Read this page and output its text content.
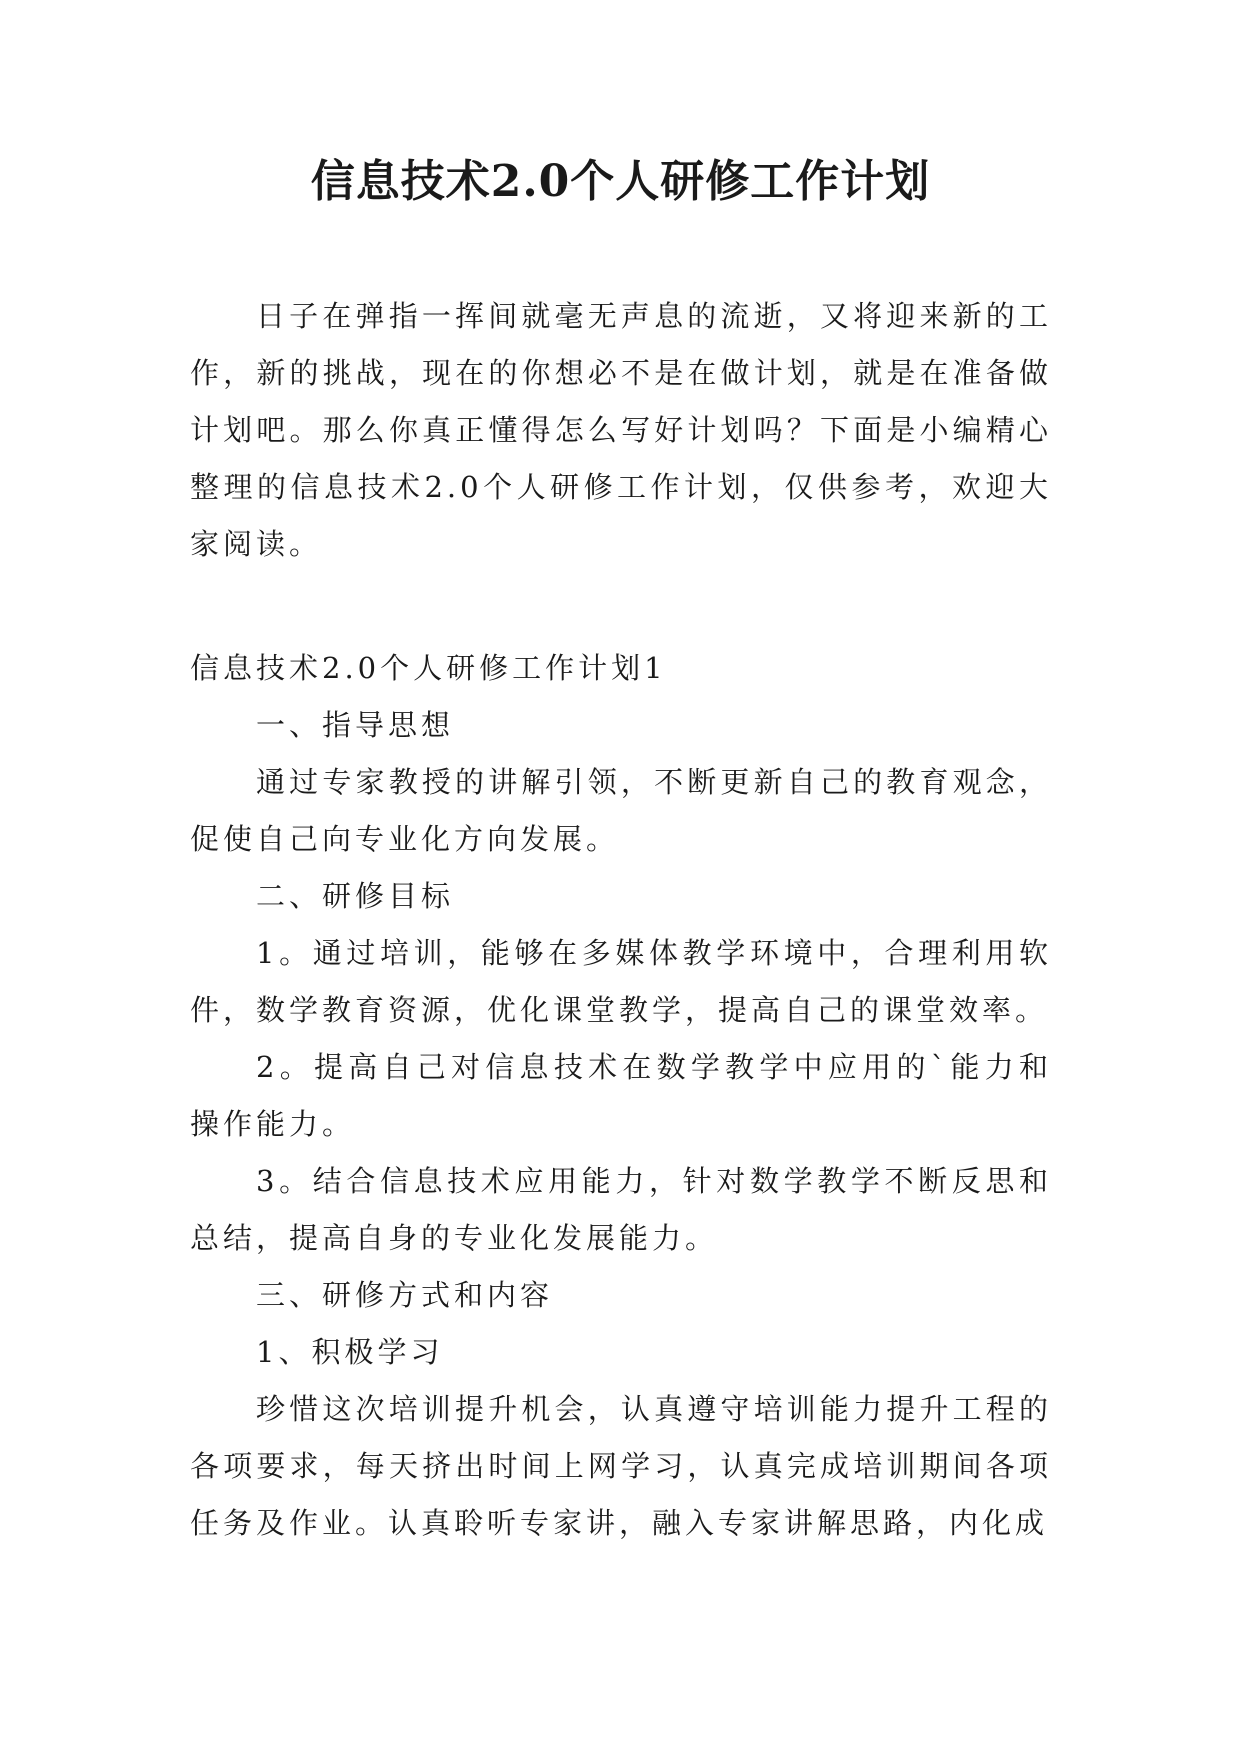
信息技术2.0个人研修工作计划

日子在弹指一挥间就毫无声息的流逝，又将迎来新的工作，新的挑战，现在的你想必不是在做计划，就是在准备做计划吧。那么你真正懂得怎么写好计划吗？下面是小编精心整理的信息技术2.0个人研修工作计划，仅供参考，欢迎大家阅读。

信息技术2.0个人研修工作计划1

一、指导思想

通过专家教授的讲解引领，不断更新自己的教育观念，促使自己向专业化方向发展。

二、研修目标

1。通过培训，能够在多媒体教学环境中，合理利用软件，数学教育资源，优化课堂教学，提高自己的课堂效率。

2。提高自己对信息技术在数学教学中应用的`能力和操作能力。

3。结合信息技术应用能力，针对数学教学不断反思和总结，提高自身的专业化发展能力。

三、研修方式和内容

1、积极学习

珍惜这次培训提升机会，认真遵守培训能力提升工程的各项要求，每天挤出时间上网学习，认真完成培训期间各项任务及作业。认真聆听专家讲，融入专家讲解思路，内化成
